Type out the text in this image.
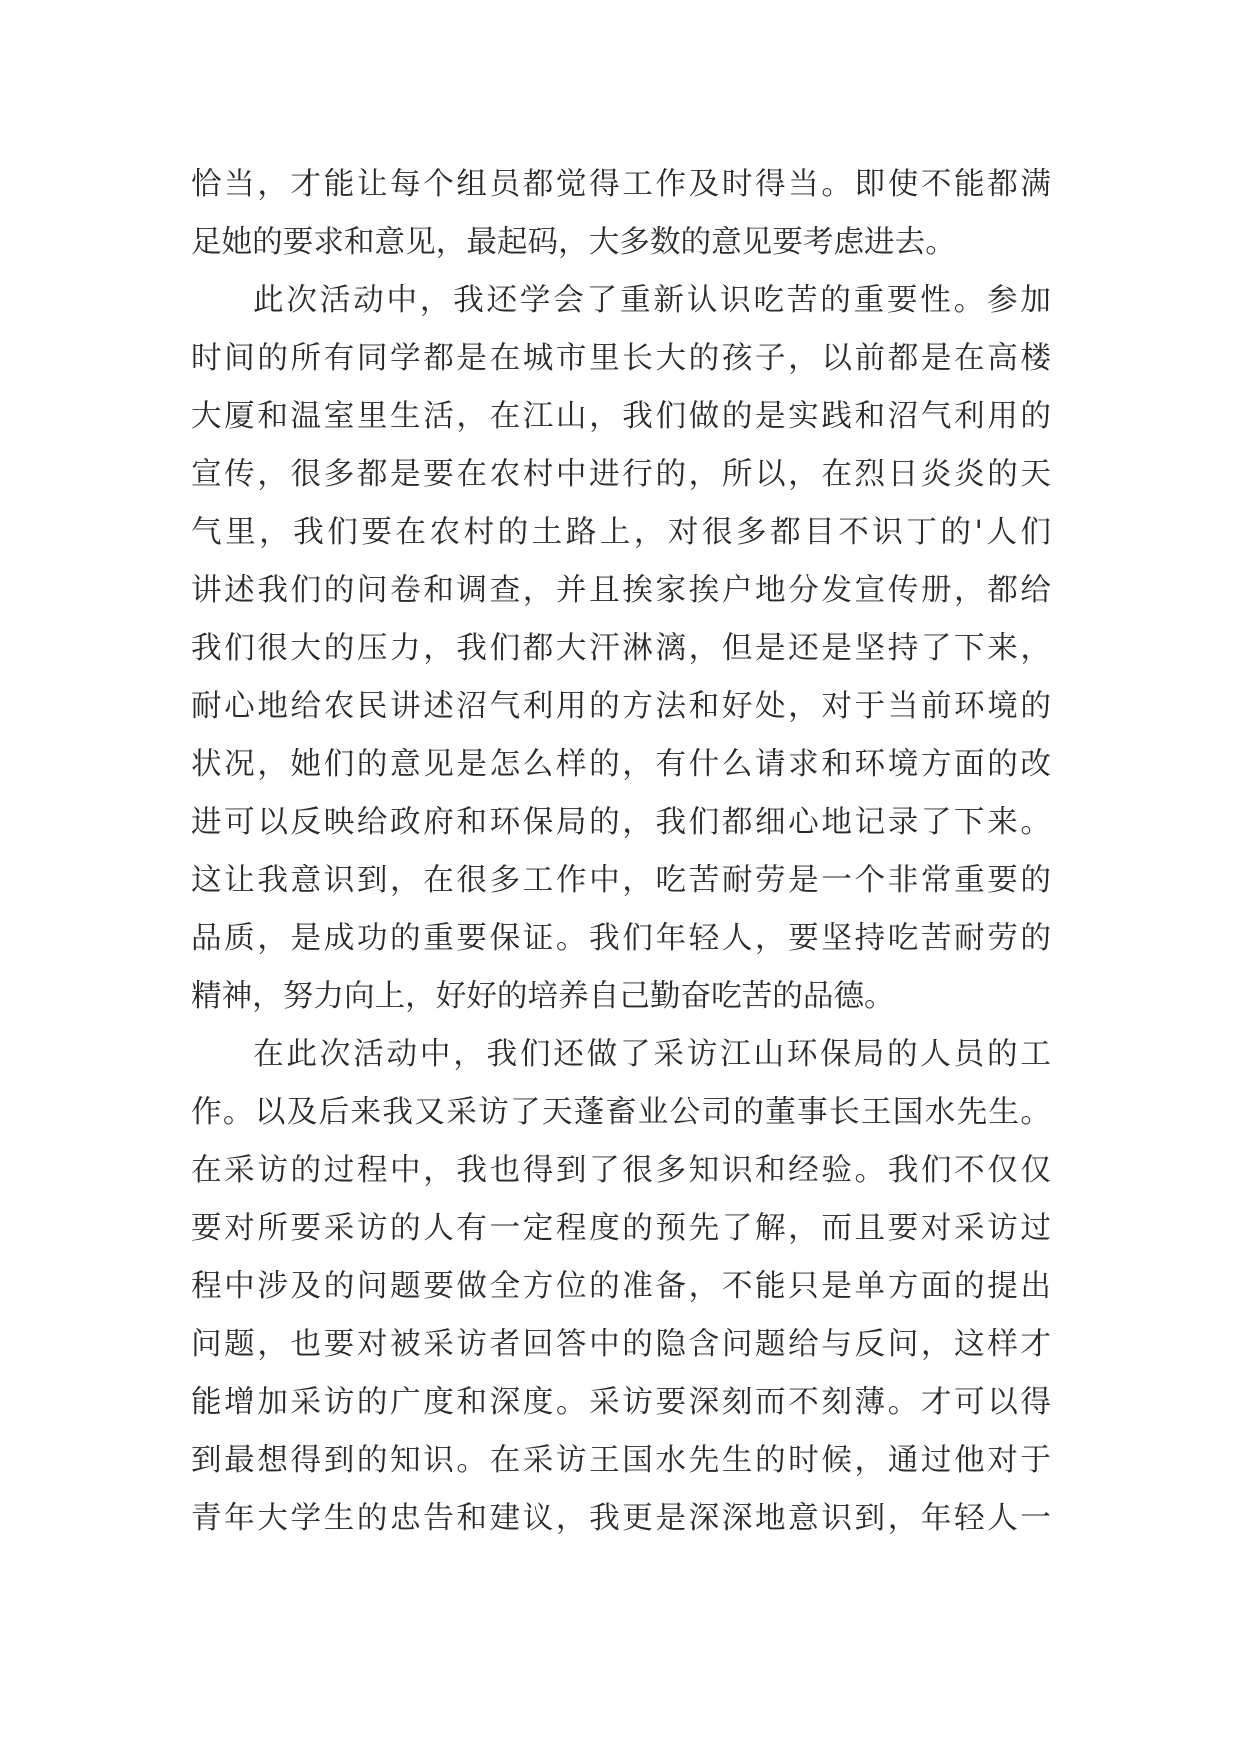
恰当，才能让每个组员都觉得工作及时得当。即使不能都满
足她的要求和意见，最起码，大多数的意见要考虑进去。
此次活动中，我还学会了重新认识吃苦的重要性。参加
时间的所有同学都是在城市里长大的孩子，以前都是在高楼
大厦和温室里生活，在江山，我们做的是实践和沼气利用的
宣传，很多都是要在农村中进行的，所以，在烈日炎炎的天
气里，我们要在农村的土路上，对很多都目不识丁的'人们
讲述我们的问卷和调查，并且挨家挨户地分发宣传册，都给
我们很大的压力，我们都大汗淋漓，但是还是坚持了下来，
耐心地给农民讲述沼气利用的方法和好处，对于当前环境的
状况，她们的意见是怎么样的，有什么请求和环境方面的改
进可以反映给政府和环保局的，我们都细心地记录了下来。
这让我意识到，在很多工作中，吃苦耐劳是一个非常重要的
品质，是成功的重要保证。我们年轻人，要坚持吃苦耐劳的
精神，努力向上，好好的培养自己勤奋吃苦的品德。
在此次活动中，我们还做了采访江山环保局的人员的工
作。以及后来我又采访了天蓬畜业公司的董事长王国水先生。
在采访的过程中，我也得到了很多知识和经验。我们不仅仅
要对所要采访的人有一定程度的预先了解，而且要对采访过
程中涉及的问题要做全方位的准备，不能只是单方面的提出
问题，也要对被采访者回答中的隐含问题给与反问，这样才
能增加采访的广度和深度。采访要深刻而不刻薄。才可以得
到最想得到的知识。在采访王国水先生的时候，通过他对于
青年大学生的忠告和建议，我更是深深地意识到，年轻人一
